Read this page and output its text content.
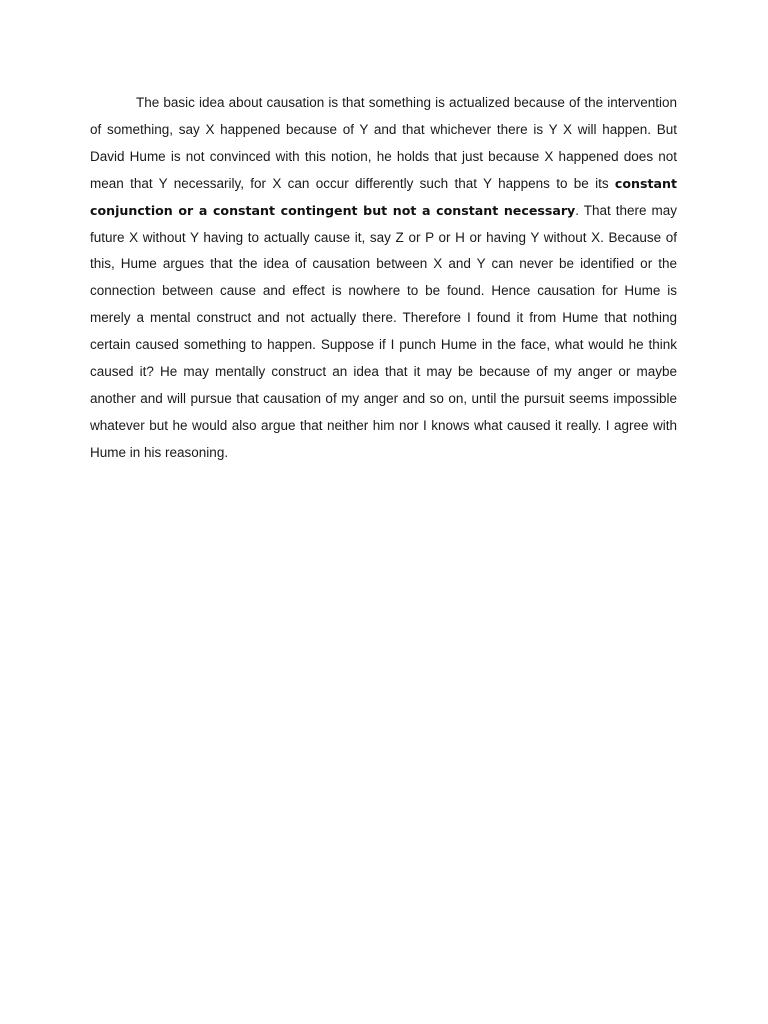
The basic idea about causation is that something is actualized because of the intervention of something, say X happened because of Y and that whichever there is Y X will happen. But David Hume is not convinced with this notion, he holds that just because X happened does not mean that Y necessarily, for X can occur differently such that Y happens to be its constant conjunction or a constant contingent but not a constant necessary. That there may future X without Y having to actually cause it, say Z or P or H or having Y without X. Because of this, Hume argues that the idea of causation between X and Y can never be identified or the connection between cause and effect is nowhere to be found. Hence causation for Hume is merely a mental construct and not actually there. Therefore I found it from Hume that nothing certain caused something to happen. Suppose if I punch Hume in the face, what would he think caused it? He may mentally construct an idea that it may be because of my anger or maybe another and will pursue that causation of my anger and so on, until the pursuit seems impossible whatever but he would also argue that neither him nor I knows what caused it really. I agree with Hume in his reasoning.
